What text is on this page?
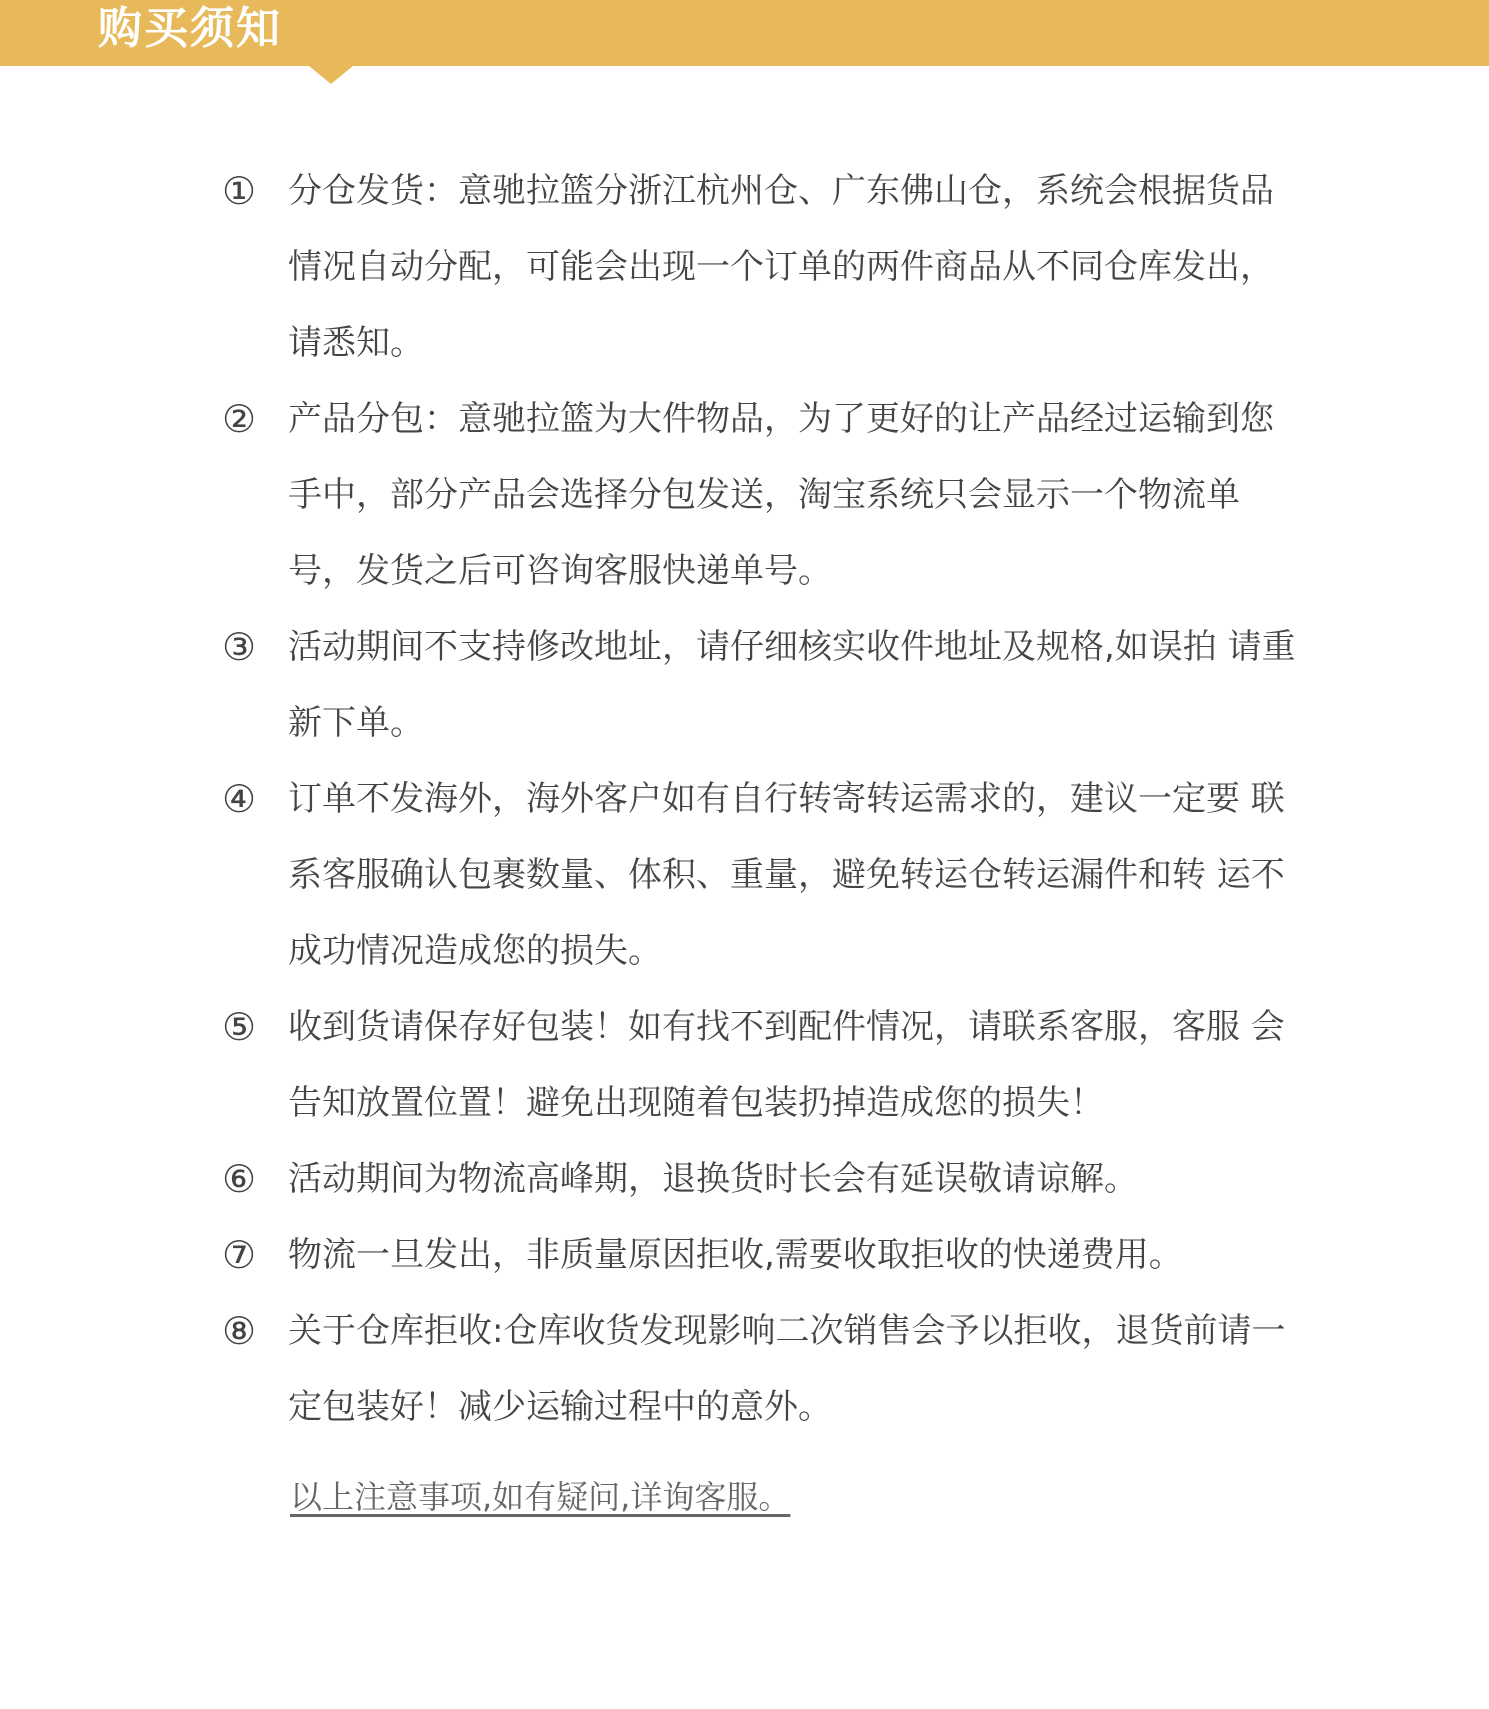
购买须知
① 分仓发货：意驰拉篮分浙江杭州仓、广东佛山仓，系统会根据货品情况自动分配，可能会出现一个订单的两件商品从不同仓库发出，请悉知。
② 产品分包：意驰拉篮为大件物品，为了更好的让产品经过运输到您手中，部分产品会选择分包发送，淘宝系统只会显示一个物流单号，发货之后可咨询客服快递单号。
③ 活动期间不支持修改地址，请仔细核实收件地址及规格,如误拍 请重新下单。
④ 订单不发海外，海外客户如有自行转寄转运需求的，建议一定要 联系客服确认包裹数量、体积、重量，避免转运仓转运漏件和转 运不成功情况造成您的损失。
⑤ 收到货请保存好包装！如有找不到配件情况，请联系客服，客服 会告知放置位置！避免出现随着包装扔掉造成您的损失！
⑥ 活动期间为物流高峰期，退换货时长会有延误敬请谅解。
⑦ 物流一旦发出，非质量原因拒收,需要收取拒收的快递费用。
⑧ 关于仓库拒收:仓库收货发现影响二次销售会予以拒收，退货前请一定包装好！减少运输过程中的意外。
以上注意事项,如有疑问,详询客服。
